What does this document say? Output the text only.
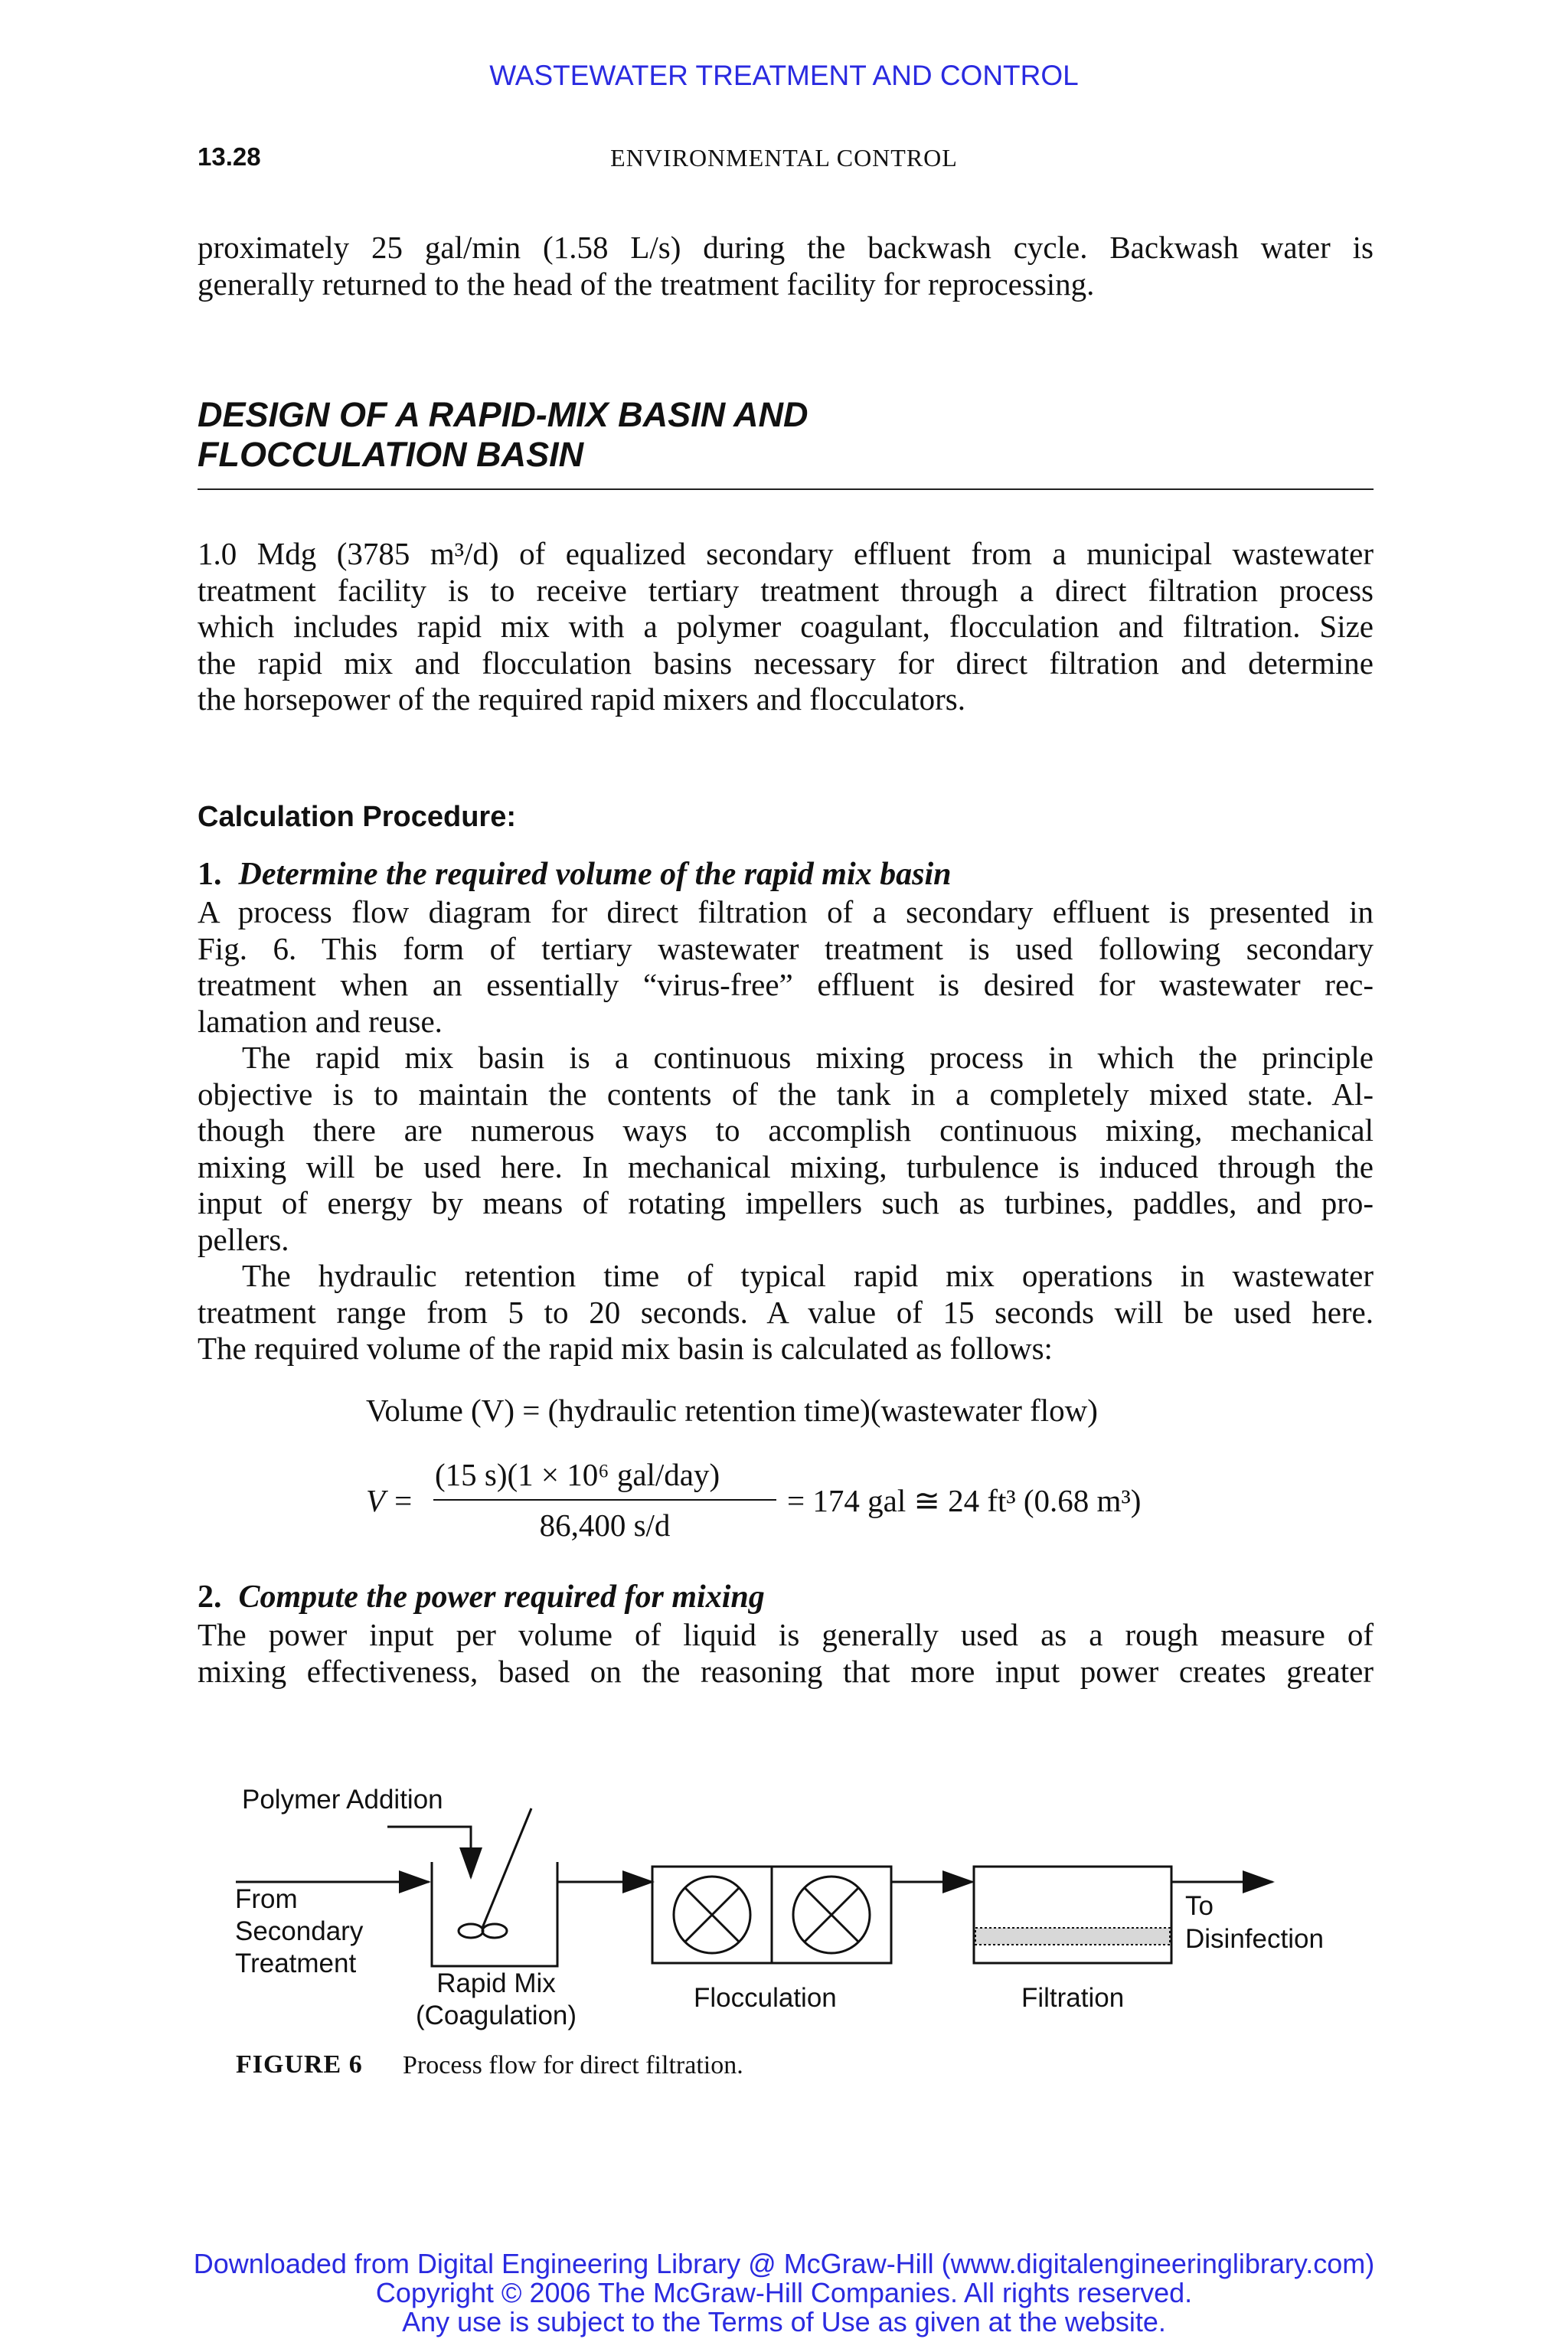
WASTEWATER TREATMENT AND CONTROL
13.28	ENVIRONMENTAL CONTROL
proximately 25 gal/min (1.58 L/s) during the backwash cycle. Backwash water is
generally returned to the head of the treatment facility for reprocessing.
DESIGN OF A RAPID-MIX BASIN AND
FLOCCULATION BASIN
1.0 Mdg (3785 m³/d) of equalized secondary effluent from a municipal wastewater
treatment facility is to receive tertiary treatment through a direct filtration process
which includes rapid mix with a polymer coagulant, flocculation and filtration. Size
the rapid mix and flocculation basins necessary for direct filtration and determine
the horsepower of the required rapid mixers and flocculators.
Calculation Procedure:
1. Determine the required volume of the rapid mix basin
A process flow diagram for direct filtration of a secondary effluent is presented in
Fig. 6. This form of tertiary wastewater treatment is used following secondary
treatment when an essentially “virus-free” effluent is desired for wastewater rec-
lamation and reuse.
The rapid mix basin is a continuous mixing process in which the principle
objective is to maintain the contents of the tank in a completely mixed state. Al-
though there are numerous ways to accomplish continuous mixing, mechanical
mixing will be used here. In mechanical mixing, turbulence is induced through the
input of energy by means of rotating impellers such as turbines, paddles, and pro-
pellers.
The hydraulic retention time of typical rapid mix operations in wastewater
treatment range from 5 to 20 seconds. A value of 15 seconds will be used here.
The required volume of the rapid mix basin is calculated as follows:
Volume (V) = (hydraulic retention time)(wastewater flow)
V =
(15 s)(1 × 10⁶ gal/day)
86,400 s/d
= 174 gal ≅ 24 ft³ (0.68 m³)
2. Compute the power required for mixing
The power input per volume of liquid is generally used as a rough measure of
mixing effectiveness, based on the reasoning that more input power creates greater
Polymer Addition
From
Secondary
Treatment
Rapid Mix
(Coagulation)
Flocculation	Filtration
To
Disinfection
FIGURE 6 Process flow for direct filtration.
Downloaded from Digital Engineering Library @ McGraw-Hill (www.digitalengineeringlibrary.com)
Copyright © 2006 The McGraw-Hill Companies. All rights reserved.
Any use is subject to the Terms of Use as given at the website.
